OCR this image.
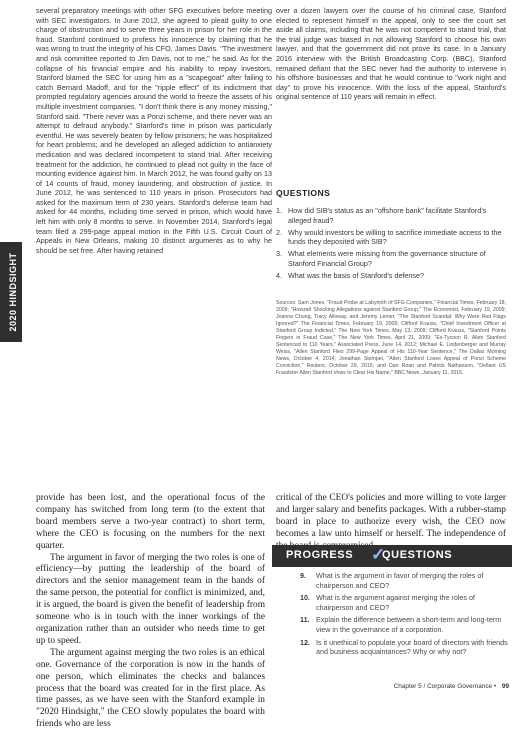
2020 HINDSIGHT
several preparatory meetings with other SFG executives before meeting with SEC investigators. In June 2012, she agreed to plead guilty to one charge of obstruction and to serve three years in prison for her role in the fraud. Stanford continued to profess his innocence by claiming that he was wrong to trust the integrity of his CFO, James Davis. "The investment and risk committee reported to Jim Davis, not to me," he said. As for the collapse of his financial empire and his inability to repay investors, Stanford blamed the SEC for using him as a "scapegoat" after failing to catch Bernard Madoff, and for the "ripple effect" of its indictment that prompted regulatory agencies around the world to freeze the assets of his multiple investment companies. "I don't think there is any money missing," Stanford said. "There never was a Ponzi scheme, and there never was an attempt to defraud anybody." Stanford's time in prison was particularly eventful. He was severely beaten by fellow prisoners; he was hospitalized for heart problems; and he developed an alleged addiction to antianxiety medication and was declared incompetent to stand trial. After receiving treatment for the addiction, he continued to plead not guilty in the face of mounting evidence against him. In March 2012, he was found guilty on 13 of 14 counts of fraud, money laundering, and obstruction of justice. In June 2012, he was sentenced to 110 years in prison. Prosecutors had asked for the maximum term of 230 years. Stanford's defense team had asked for 44 months, including time served in prison, which would have left him with only 8 months to serve. In November 2014, Stanford's legal team filed a 299-page appeal motion in the Fifth U.S. Circuit Court of Appeals in New Orleans, making 10 distinct arguments as to why he should be set free. After having retained
over a dozen lawyers over the course of his criminal case, Stanford elected to represent himself in the appeal, only to see the court set aside all claims, including that he was not competent to stand trial, that the trial judge was biased in not allowing Stanford to choose his own lawyer, and that the government did not prove its case. In a January 2016 interview with the British Broadcasting Corp. (BBC), Stanford remained defiant that the SEC never had the authority to intervene in his offshore businesses and that he would continue to "work night and day" to prove his innocence. With the loss of the appeal, Stanford's original sentence of 110 years will remain in effect.
QUESTIONS
1. How did SIB's status as an "offshore bank" facilitate Stanford's alleged fraud?
2. Why would investors be willing to sacrifice immediate access to the funds they deposited with SIB?
3. What elements were missing from the governance structure of Stanford Financial Group?
4. What was the basis of Stanford's defense?
Sources: Sam Jones, "Fraud Probe at Labyrinth of SFG Companies," Financial Times, February 18, 2009; "Howzat! Shocking Allegations against Stanford Group," The Economist, February 19, 2009; Joanna Chung, Tracy Alloway, and Jeremy Lemer, "The Stanford Scandal: Why Were Red Flags Ignored?" The Financial Times, February 19, 2009; Clifford Krauss, "Chief Investment Officer at Stanford Group Indicted," The New York Times, May 13, 2009; Clifford Krauss, "Stanford Points Fingers in Fraud Case," The New York Times, April 21, 2009; "Ex-Tycoon R. Allen Stanford Sentenced to 110 Years," Associated Press, June 14, 2012; Michael E. Lindenberger and Murray Weiss, "Allen Stanford Files 299-Page Appeal of His 110-Year Sentence," The Dallas Morning News, October 4, 2014; Jonathan Stempel, "Allen Stanford Loses Appeal of Ponzi Scheme Conviction," Reuters, October 29, 2015; and Dan Roan and Patrick Nathanson, "Defiant US Fraudster Allen Stanford Vows to Clear His Name," BBC News, January 11, 2016.

provide has been lost, and the operational focus of the company has switched from long term (to the extent that board members serve a two-year contract) to short term, where the CEO is focusing on the numbers for the next quarter.

The argument in favor of merging the two roles is one of efficiency—by putting the leadership of the board of directors and the senior management team in the hands of the same person, the potential for conflict is minimized, and, it is argued, the board is given the benefit of leadership from someone who is in touch with the inner workings of the organization rather than an outsider who needs time to get up to speed.

The argument against merging the two roles is an ethical one. Governance of the corporation is now in the hands of one person, which eliminates the checks and balances process that the board was created for in the first place. As time passes, as we have seen with the Stanford example in "2020 Hindsight," the CEO slowly populates the board with friends who are less

critical of the CEO's policies and more willing to vote larger and larger salary and benefits packages. With a rubber-stamp board in place to authorize every wish, the CEO now becomes a law unto himself or herself. The independence of

PROGRESS ✓
QUESTIONS
9.	What is the argument in favor of merging the roles of chairperson and CEO?
10. What is the argument against merging the roles of chairperson and CEO?
11. Explain the difference between a short-term and long-term view in the governance of a corporation.
12. Is it unethical to populate your board of directors with friends and business acquaintances? Why or why not?
Chapter 5 / Corporate Governance • 99
